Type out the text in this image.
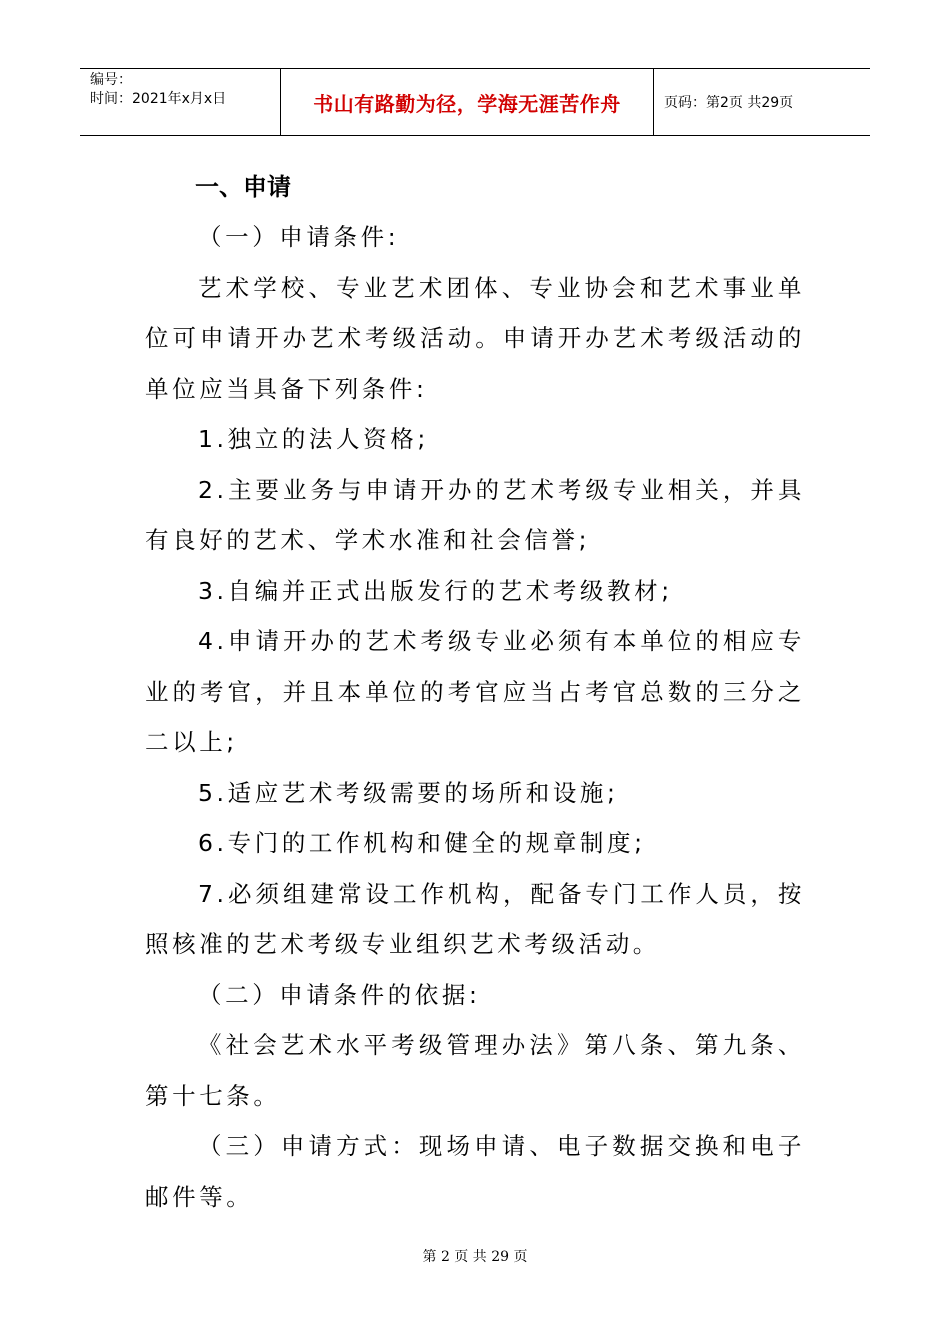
编号：
时间：2021年x月x日	书山有路勤为径，学海无涯苦作舟	页码：第2页 共29页
一、申请

（一）申请条件:

艺术学校、专业艺术团体、专业协会和艺术事业单位可申请开办艺术考级活动。申请开办艺术考级活动的单位应当具备下列条件:

1.独立的法人资格;

2.主要业务与申请开办的艺术考级专业相关，并具有良好的艺术、学术水准和社会信誉;

3.自编并正式出版发行的艺术考级教材;

4.申请开办的艺术考级专业必须有本单位的相应专业的考官，并且本单位的考官应当占考官总数的三分之二以上;

5.适应艺术考级需要的场所和设施;

6.专门的工作机构和健全的规章制度;

7.必须组建常设工作机构，配备专门工作人员，按照核准的艺术考级专业组织艺术考级活动。

（二）申请条件的依据:

《社会艺术水平考级管理办法》第八条、第九条、第十七条。

（三）申请方式：现场申请、电子数据交换和电子邮件等。

第 2 页 共 29 页
